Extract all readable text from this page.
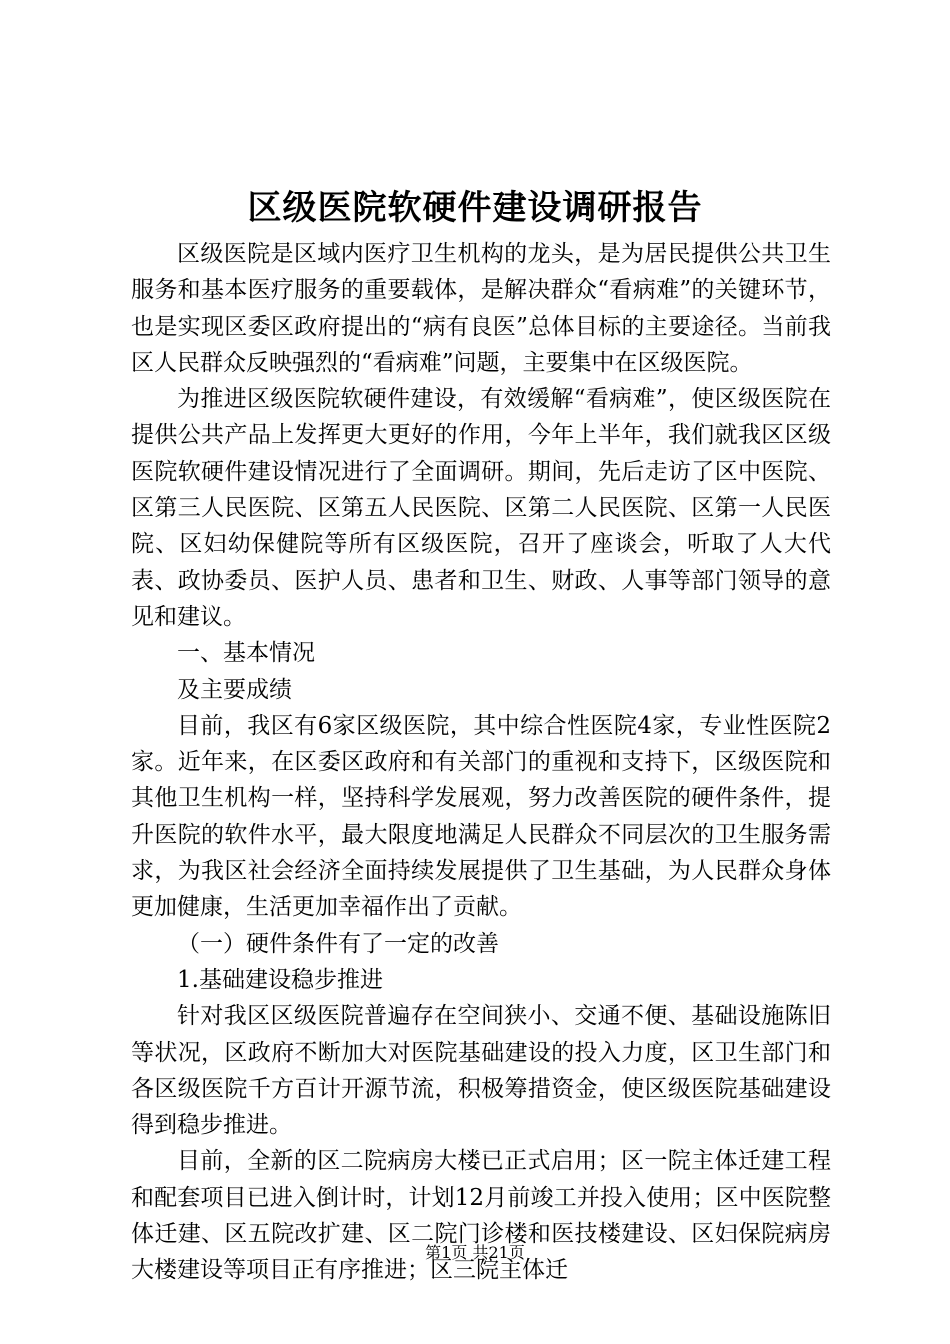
区级医院软硬件建设调研报告

区级医院是区域内医疗卫生机构的龙头，是为居民提供公共卫生服务和基本医疗服务的重要载体，是解决群众“看病难”的关键环节，也是实现区委区政府提出的“病有良医”总体目标的主要途径。当前我区人民群众反映强烈的“看病难”问题，主要集中在区级医院。

为推进区级医院软硬件建设，有效缓解“看病难”，使区级医院在提供公共产品上发挥更大更好的作用，今年上半年，我们就我区区级医院软硬件建设情况进行了全面调研。期间，先后走访了区中医院、区第三人民医院、区第五人民医院、区第二人民医院、区第一人民医院、区妇幼保健院等所有区级医院，召开了座谈会，听取了人大代表、政协委员、医护人员、患者和卫生、财政、人事等部门领导的意见和建议。

一、基本情况

及主要成绩

目前，我区有6家区级医院，其中综合性医院4家，专业性医院2家。近年来，在区委区政府和有关部门的重视和支持下，区级医院和其他卫生机构一样，坚持科学发展观，努力改善医院的硬件条件，提升医院的软件水平，最大限度地满足人民群众不同层次的卫生服务需求，为我区社会经济全面持续发展提供了卫生基础，为人民群众身体更加健康，生活更加幸福作出了贡献。

（一）硬件条件有了一定的改善

1.基础建设稳步推进

针对我区区级医院普遍存在空间狭小、交通不便、基础设施陈旧等状况，区政府不断加大对医院基础建设的投入力度，区卫生部门和各区级医院千方百计开源节流，积极筹措资金，使区级医院基础建设得到稳步推进。

目前，全新的区二院病房大楼已正式启用；区一院主体迁建工程和配套项目已进入倒计时，计划12月前竣工并投入使用；区中医院整体迁建、区五院改扩建、区二院门诊楼和医技楼建设、区妇保院病房大楼建设等项目正有序推进；区三院主体迁

第1页 共21页
